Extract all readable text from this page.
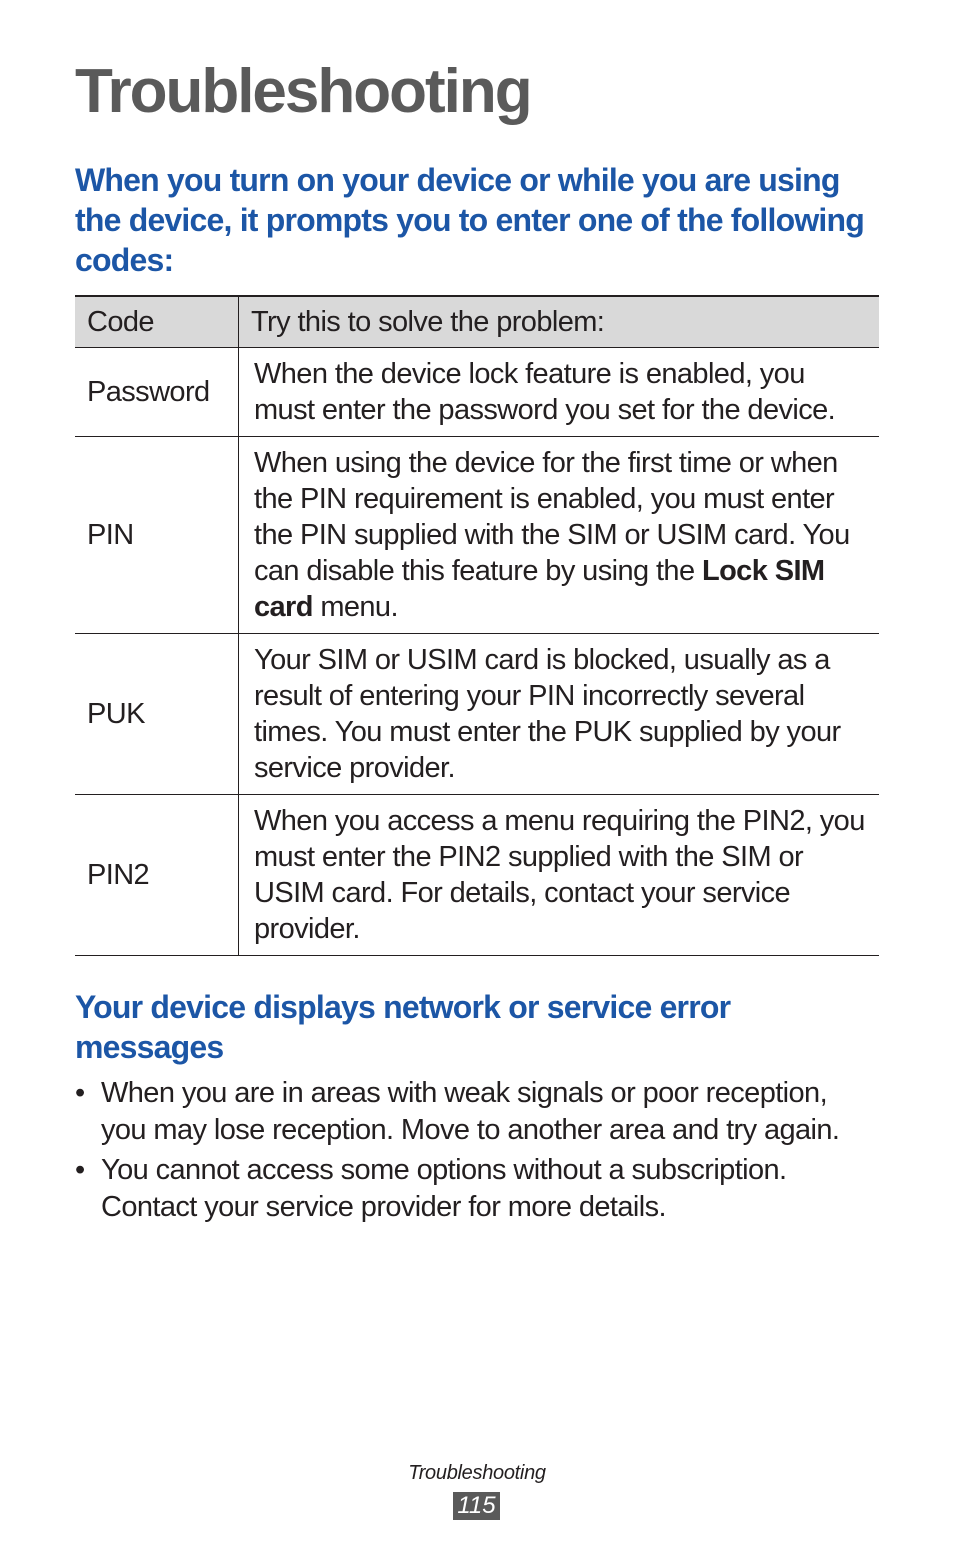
Troubleshooting
When you turn on your device or while you are using the device, it prompts you to enter one of the following codes:
Code	Try this to solve the problem:
Password	When the device lock feature is enabled, you must enter the password you set for the device.
PIN	When using the device for the first time or when the PIN requirement is enabled, you must enter the PIN supplied with the SIM or USIM card. You can disable this feature by using the Lock SIM card menu.
PUK	Your SIM or USIM card is blocked, usually as a result of entering your PIN incorrectly several times. You must enter the PUK supplied by your service provider.
PIN2	When you access a menu requiring the PIN2, you must enter the PIN2 supplied with the SIM or USIM card. For details, contact your service provider.
Your device displays network or service error messages
• When you are in areas with weak signals or poor reception, you may lose reception. Move to another area and try again.
• You cannot access some options without a subscription. Contact your service provider for more details.
Troubleshooting
115
